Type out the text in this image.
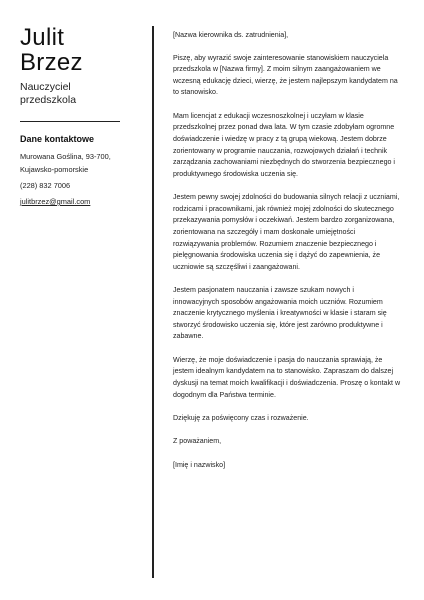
Julit
Brzez
Nauczyciel
przedszkola
Dane kontaktowe
Murowana Goślina, 93-700,
Kujawsko-pomorskie
(228) 832 7006
julitbrzez@gmail.com

[Nazwa kierownika ds. zatrudnienia],

Piszę, aby wyrazić swoje zainteresowanie stanowiskiem nauczyciela przedszkola w [Nazwa firmy]. Z moim silnym zaangażowaniem we wczesną edukację dzieci, wierzę, że jestem najlepszym kandydatem na to stanowisko.

Mam licencjat z edukacji wczesnoszkolnej i uczyłam w klasie przedszkolnej przez ponad dwa lata. W tym czasie zdobyłam ogromne doświadczenie i wiedzę w pracy z tą grupą wiekową. Jestem dobrze zorientowany w programie nauczania, rozwojowych działań i technik zarządzania zachowaniami niezbędnych do stworzenia bezpiecznego i produktywnego środowiska uczenia się.

Jestem pewny swojej zdolności do budowania silnych relacji z uczniami, rodzicami i pracownikami, jak również mojej zdolności do skutecznego przekazywania pomysłów i oczekiwań. Jestem bardzo zorganizowana, zorientowana na szczegóły i mam doskonałe umiejętności rozwiązywania problemów. Rozumiem znaczenie bezpiecznego i pielęgnowania środowiska uczenia się i dążyć do zapewnienia, że uczniowie są szczęśliwi i zaangażowani.

Jestem pasjonatem nauczania i zawsze szukam nowych i innowacyjnych sposobów angażowania moich uczniów. Rozumiem znaczenie krytycznego myślenia i kreatywności w klasie i staram się stworzyć środowisko uczenia się, które jest zarówno produktywne i zabawne.

Wierzę, że moje doświadczenie i pasja do nauczania sprawiają, że jestem idealnym kandydatem na to stanowisko. Zapraszam do dalszej dyskusji na temat moich kwalifikacji i doświadczenia. Proszę o kontakt w dogodnym dla Państwa terminie.

Dziękuję za poświęcony czas i rozważenie.

Z poważaniem,

[Imię i nazwisko]
